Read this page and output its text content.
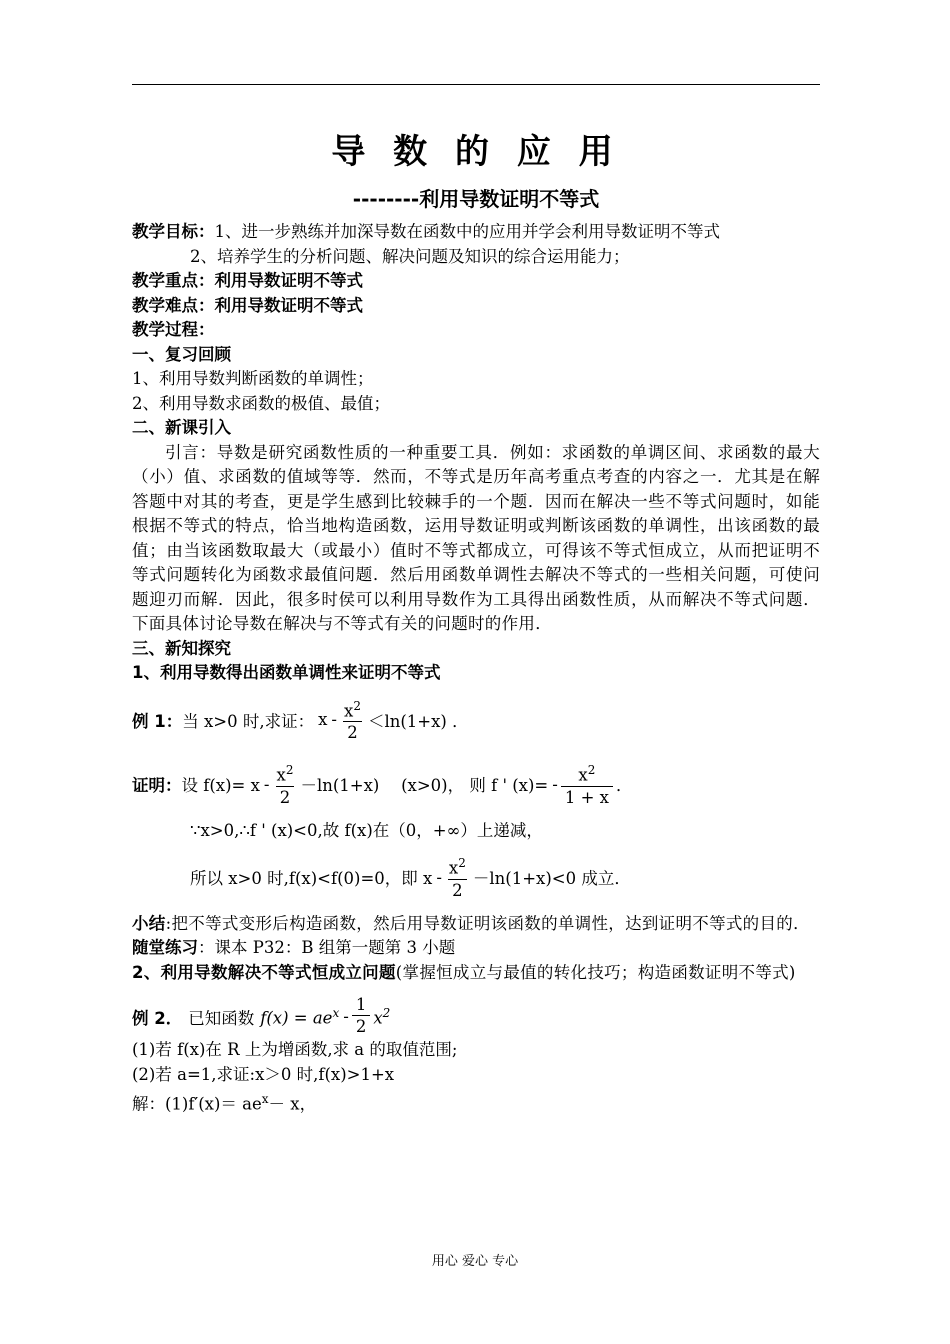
导 数 的 应 用
--------利用导数证明不等式

教学目标：1、进一步熟练并加深导数在函数中的应用并学会利用导数证明不等式

2、培养学生的分析问题、解决问题及知识的综合运用能力；

教学重点：利用导数证明不等式

教学难点：利用导数证明不等式

教学过程：

一、复习回顾

1、利用导数判断函数的单调性；

2、利用导数求函数的极值、最值；

二、新课引入

引言：导数是研究函数性质的一种重要工具．例如：求函数的单调区间、求函数的最大（小）值、求函数的值域等等．然而，不等式是历年高考重点考查的内容之一．尤其是在解答题中对其的考查，更是学生感到比较棘手的一个题．因而在解决一些不等式问题时，如能根据不等式的特点，恰当地构造函数，运用导数证明或判断该函数的单调性，出该函数的最值；由当该函数取最大（或最小）值时不等式都成立，可得该不等式恒成立，从而把证明不等式问题转化为函数求最值问题．然后用函数单调性去解决不等式的一些相关问题，可使问题迎刃而解．因此，很多时侯可以利用导数作为工具得出函数性质，从而解决不等式问题．下面具体讨论导数在解决与不等式有关的问题时的作用．

三、新知探究

1、利用导数得出函数单调性来证明不等式

例 1： 当 x>0 时,求证： $x - \frac{x^2}{2} <\ln(1+x)$ ．
证明： 设 $f(x)= x - \frac{x^2}{2} -\ln(1+x)$　 (x>0)， 则 f ' $(x)= - \frac{x^2}{1 + x}$ ．

∵x>0,∴f ' (x)<0,故 f(x)在（0，+∞）上递减，

所以 x>0 时,f(x)<f(0)=0，即 $x - \frac{x^2}{2} -\ln(1+x)<0$ 成立．

小结:把不等式变形后构造函数，然后用导数证明该函数的单调性，达到证明不等式的目的．

随堂练习：课本 P32：B 组第一题第 3 小题

2、利用导数解决不等式恒成立问题(掌握恒成立与最值的转化技巧；构造函数证明不等式)

例 2． 已知函数 $f(x) = ae^x - \frac{1}{2} x^2$

(1)若 f(x)在 R 上为增函数,求 a 的取值范围;

(2)若 a=1,求证:x＞0 时,f(x)>1+x

解：$(1)f'(x)= ae^x- x$，

用心 爱心 专心
